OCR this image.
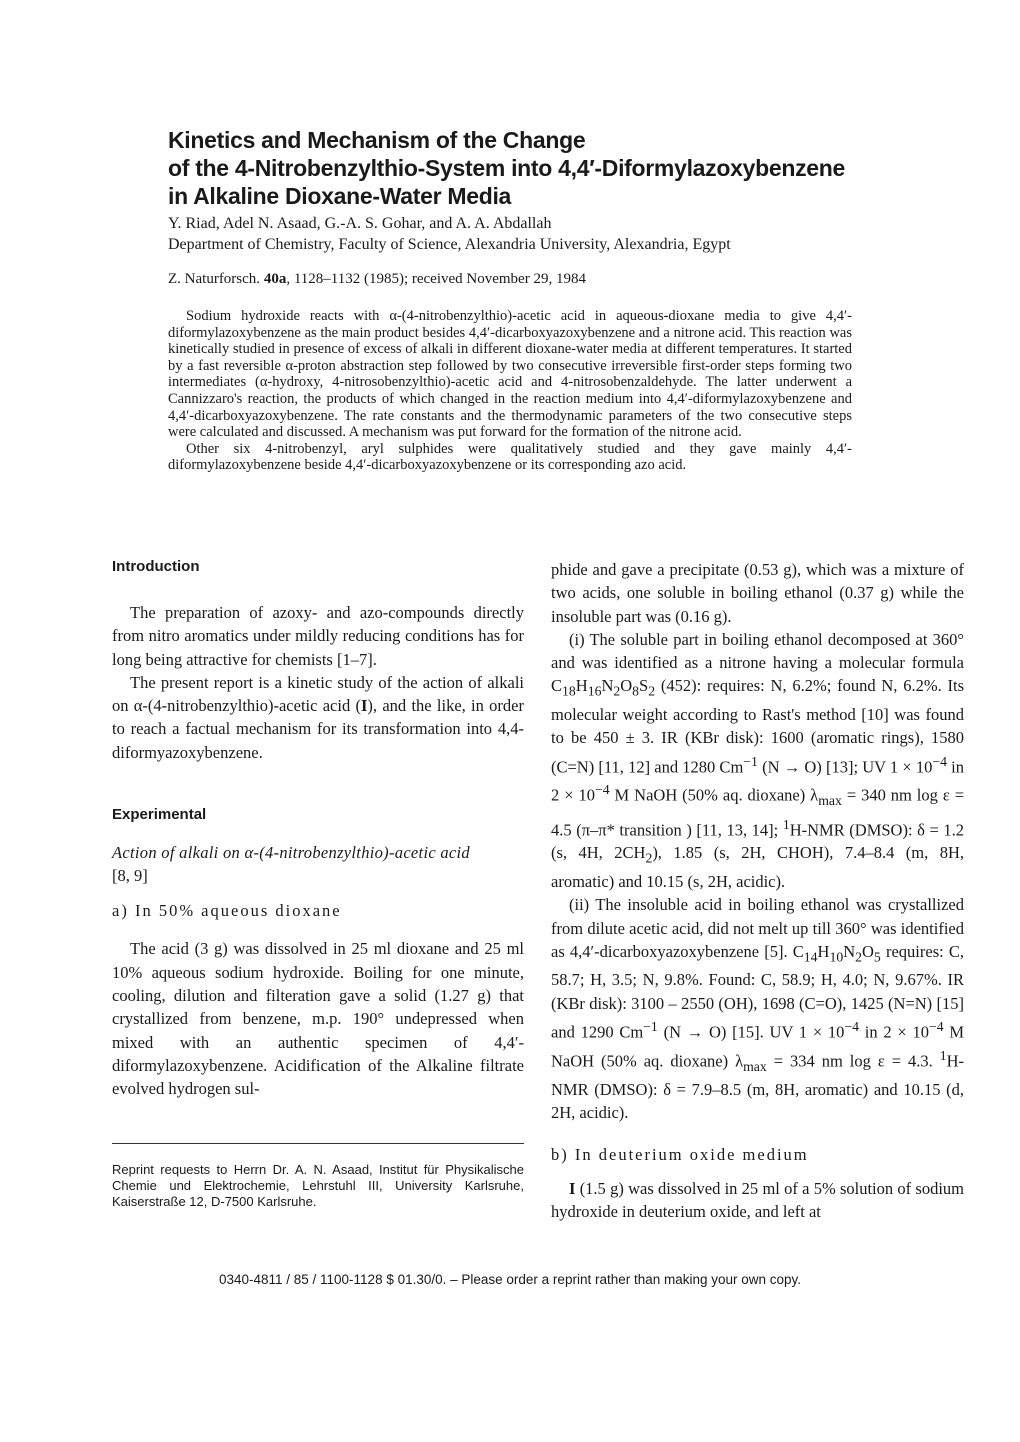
Kinetics and Mechanism of the Change
of the 4-Nitrobenzylthio-System into 4,4′-Diformylazoxybenzene
in Alkaline Dioxane-Water Media
Y. Riad, Adel N. Asaad, G.-A. S. Gohar, and A. A. Abdallah
Department of Chemistry, Faculty of Science, Alexandria University, Alexandria, Egypt
Z. Naturforsch. 40a, 1128–1132 (1985); received November 29, 1984

Sodium hydroxide reacts with α-(4-nitrobenzylthio)-acetic acid in aqueous-dioxane media to give 4,4′-diformylazoxybenzene as the main product besides 4,4′-dicarboxyazoxybenzene and a nitrone acid. This reaction was kinetically studied in presence of excess of alkali in different dioxane-water media at different temperatures. It started by a fast reversible α-proton abstraction step followed by two consecutive irreversible first-order steps forming two intermediates (α-hydroxy, 4-nitrosobenzylthio)-acetic acid and 4-nitrosobenzaldehyde. The latter underwent a Cannizzaro's reaction, the products of which changed in the reaction medium into 4,4′-diformylazoxybenzene and 4,4′-dicarboxyazoxybenzene. The rate constants and the thermodynamic parameters of the two consecutive steps were calculated and discussed. A mechanism was put forward for the formation of the nitrone acid.

Other six 4-nitrobenzyl, aryl sulphides were qualitatively studied and they gave mainly 4,4′-diformylazoxybenzene beside 4,4′-dicarboxyazoxybenzene or its corresponding azo acid.

Introduction

The preparation of azoxy- and azo-compounds directly from nitro aromatics under mildly reducing conditions has for long being attractive for chemists [1–7].

The present report is a kinetic study of the action of alkali on α-(4-nitrobenzylthio)-acetic acid (I), and the like, in order to reach a factual mechanism for its transformation into 4,4-diformyazoxybenzene.

Experimental

Action of alkali on α-(4-nitrobenzylthio)-acetic acid

[8, 9]

a) In 50% aqueous dioxane

The acid (3 g) was dissolved in 25 ml dioxane and 25 ml 10% aqueous sodium hydroxide. Boiling for one minute, cooling, dilution and filteration gave a solid (1.27 g) that crystallized from benzene, m.p. 190° undepressed when mixed with an authentic specimen of 4,4′-diformylazoxybenzene. Acidification of the Alkaline filtrate evolved hydrogen sul-

phide and gave a precipitate (0.53 g), which was a mixture of two acids, one soluble in boiling ethanol (0.37 g) while the insoluble part was (0.16 g).

(i) The soluble part in boiling ethanol decomposed at 360° and was identified as a nitrone having a molecular formula $C_{18}H_{16}N_2O_8S_2$ (452): requires: N, 6.2%; found N, 6.2%. Its molecular weight according to Rast's method [10] was found to be 450 ± 3. IR (KBr disk): 1600 (aromatic rings), 1580 (C=N) [11, 12] and 1280 $Cm^{-1}$ (N → O) [13]; UV $1 \times 10^{-4}$ in $2 \times 10^{-4}$ M NaOH (50% aq. dioxane) $\lambda_{max} = 340$ nm log ε = 4.5 (π–π* transition ) [11, 13, 14]; $^1$H-NMR (DMSO): δ = 1.2 (s, 4H, $2CH_2$), 1.85 (s, 2H, CHOH), 7.4–8.4 (m, 8H, aromatic) and 10.15 (s, 2H, acidic).

(ii) The insoluble acid in boiling ethanol was crystallized from dilute acetic acid, did not melt up till 360° was identified as 4,4′-dicarboxyazoxybenzene [5]. $C_{14}H_{10}N_2O_5$ requires: C, 58.7; H, 3.5; N, 9.8%. Found: C, 58.9; H, 4.0; N, 9.67%. IR (KBr disk): 3100 – 2550 (OH), 1698 (C=O), 1425 (N=N) [15] and 1290 $Cm^{-1}$ (N → O) [15]. UV $1 \times 10^{-4}$ in $2 \times 10^{-4}$ M NaOH (50% aq. dioxane) $\lambda_{max} = 334$ nm log ε = 4.3. $^1$H-NMR (DMSO): δ = 7.9–8.5 (m, 8H, aromatic) and 10.15 (d, 2H, acidic).

b) In deuterium oxide medium

I (1.5 g) was dissolved in 25 ml of a 5% solution of sodium hydroxide in deuterium oxide, and left at

Reprint requests to Herrn Dr. A. N. Asaad, Institut für Physikalische Chemie und Elektrochemie, Lehrstuhl III, University Karlsruhe, Kaiserstraße 12, D-7500 Karlsruhe.
0340-4811 / 85 / 1100-1128 $ 01.30/0. – Please order a reprint rather than making your own copy.
